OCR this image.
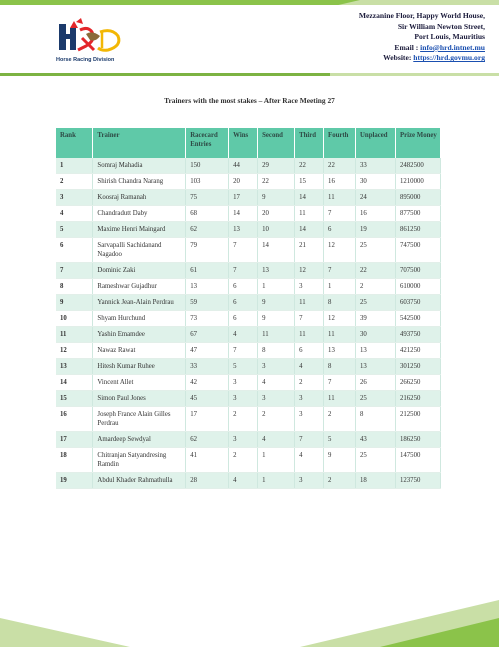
Horse Racing Division
Mezzanine Floor, Happy World House,
Sir William Newton Street,
Port Louis, Mauritius
Email : info@hrd.intnet.mu
Website: https://hrd.govmu.org
Trainers with the most stakes – After Race Meeting 27
Rank	Trainer	Racecard Entries	Wins	Second	Third	Fourth	Unplaced	Prize Money
1	Somraj Mahadia	150	44	29	22	22	33	2482500
2	Shirish Chandra Narang	103	20	22	15	16	30	1210000
3	Koosraj Ramanah	75	17	9	14	11	24	895000
4	Chandradutt Daby	68	14	20	11	7	16	877500
5	Maxime Henri Maingard	62	13	10	14	6	19	861250
6	Sarvapalli Sachidanand Nagadoo	79	7	14	21	12	25	747500
7	Dominic Zaki	61	7	13	12	7	22	707500
8	Rameshwar Gujadhur	13	6	1	3	1	2	610000
9	Yannick Jean-Alain Perdrau	59	6	9	11	8	25	603750
10	Shyam Hurchund	73	6	9	7	12	39	542500
11	Yashin Emamdee	67	4	11	11	11	30	493750
12	Nawaz Rawat	47	7	8	6	13	13	421250
13	Hitesh Kumar Ruhee	33	5	3	4	8	13	301250
14	Vincent Allet	42	3	4	2	7	26	266250
15	Simon Paul Jones	45	3	3	3	11	25	216250
16	Joseph France Alain Gilles Perdrau	17	2	2	3	2	8	212500
17	Amardeep Sewdyal	62	3	4	7	5	43	186250
18	Chitranjan Satyandresing Ramdin	41	2	1	4	9	25	147500
19	Abdul Khader Rahmathulla	28	4	1	3	2	18	123750
